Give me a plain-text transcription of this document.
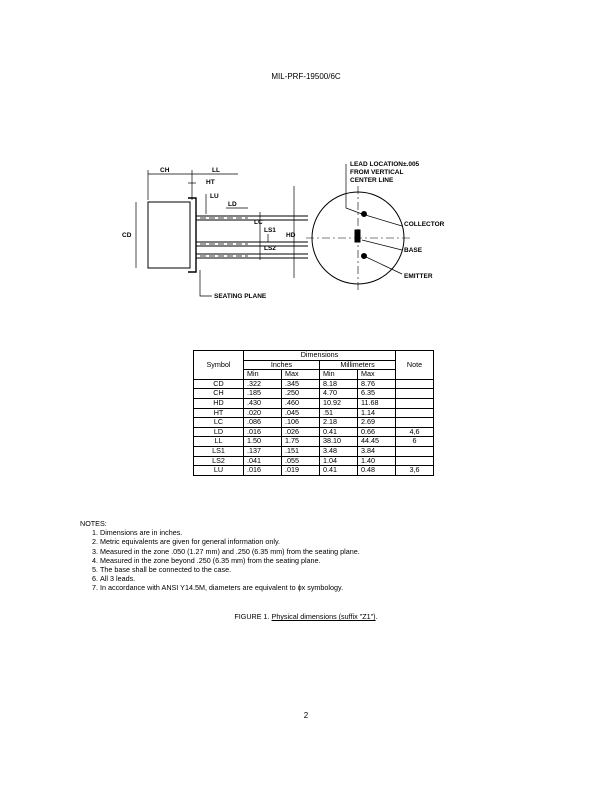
MIL-PRF-19500/6C
CH	LL
HT
LU
LD
LC
LS1
LS2
HD
CD
LEAD LOCATION±.005
FROM VERTICAL
CENTER LINE
COLLECTOR
BASE
EMITTER
SEATING PLANE
Symbol	Dimensions				Note
	Inches		Millimeters		
	Min	Max	Min	Max	
CD	.322	.345	8.18	8.76	
CH	.185	.250	4.70	6.35	
HD	.430	.460	10.92	11.68	
HT	.020	.045	.51	1.14	
LC	.086	.106	2.18	2.69	
LD	.016	.026	0.41	0.66	4,6
LL	1.50	1.75	38.10	44.45	6
LS1	.137	.151	3.48	3.84	
LS2	.041	.055	1.04	1.40	
LU	.016	.019	0.41	0.48	3,6
NOTES:
1. Dimensions are in inches.
2. Metric equivalents are given for general information only.
3. Measured in the zone .050 (1.27 mm) and .250 (6.35 mm) from the seating plane.
4. Measured in the zone beyond .250 (6.35 mm) from the seating plane.
5. The base shall be connected to the case.
6. All 3 leads.
7. In accordance with ANSI Y14.5M, diameters are equivalent to ϕx symbology.
FIGURE 1. Physical dimensions (suffix "Z1").
2
